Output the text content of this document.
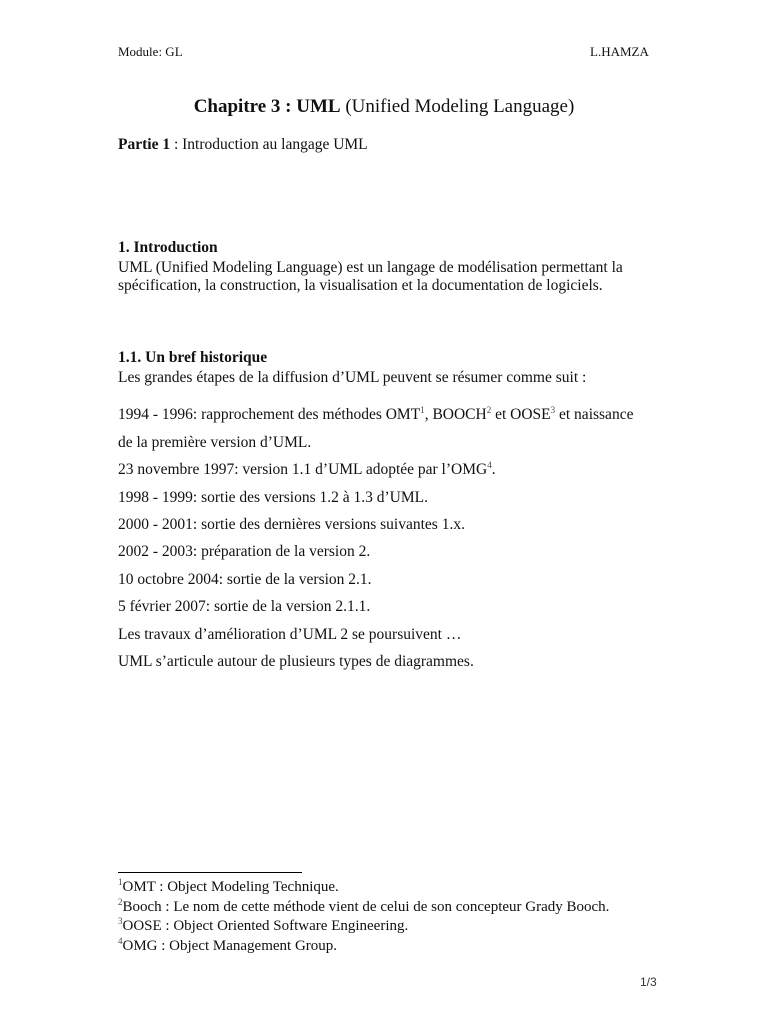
Module: GL	L.HAMZA
Chapitre 3 : UML (Unified Modeling Language)
Partie 1 : Introduction au langage UML
1. Introduction
UML (Unified Modeling Language) est un langage de modélisation permettant la
spécification, la construction, la visualisation et la documentation de logiciels.
1.1. Un bref historique
Les grandes étapes de la diffusion d’UML peuvent se résumer comme suit :
1994 - 1996: rapprochement des méthodes OMT$^1$, BOOCH$^2$ et OOSE$^3$ et naissance
de la première version d’UML.
23 novembre 1997: version 1.1 d’UML adoptée par l’OMG$^4$.
1998 - 1999: sortie des versions 1.2 à 1.3 d’UML.
2000 - 2001: sortie des dernières versions suivantes 1.x.
2002 - 2003: préparation de la version 2.
10 octobre 2004: sortie de la version 2.1.
5 février 2007: sortie de la version 2.1.1.
Les travaux d’amélioration d’UML 2 se poursuivent …
UML s’articule autour de plusieurs types de diagrammes.
$^1$OMT : Object Modeling Technique.
$^2$Booch : Le nom de cette méthode vient de celui de son concepteur Grady Booch.
$^3$OOSE : Object Oriented Software Engineering.
$^4$OMG : Object Management Group.
1/3
